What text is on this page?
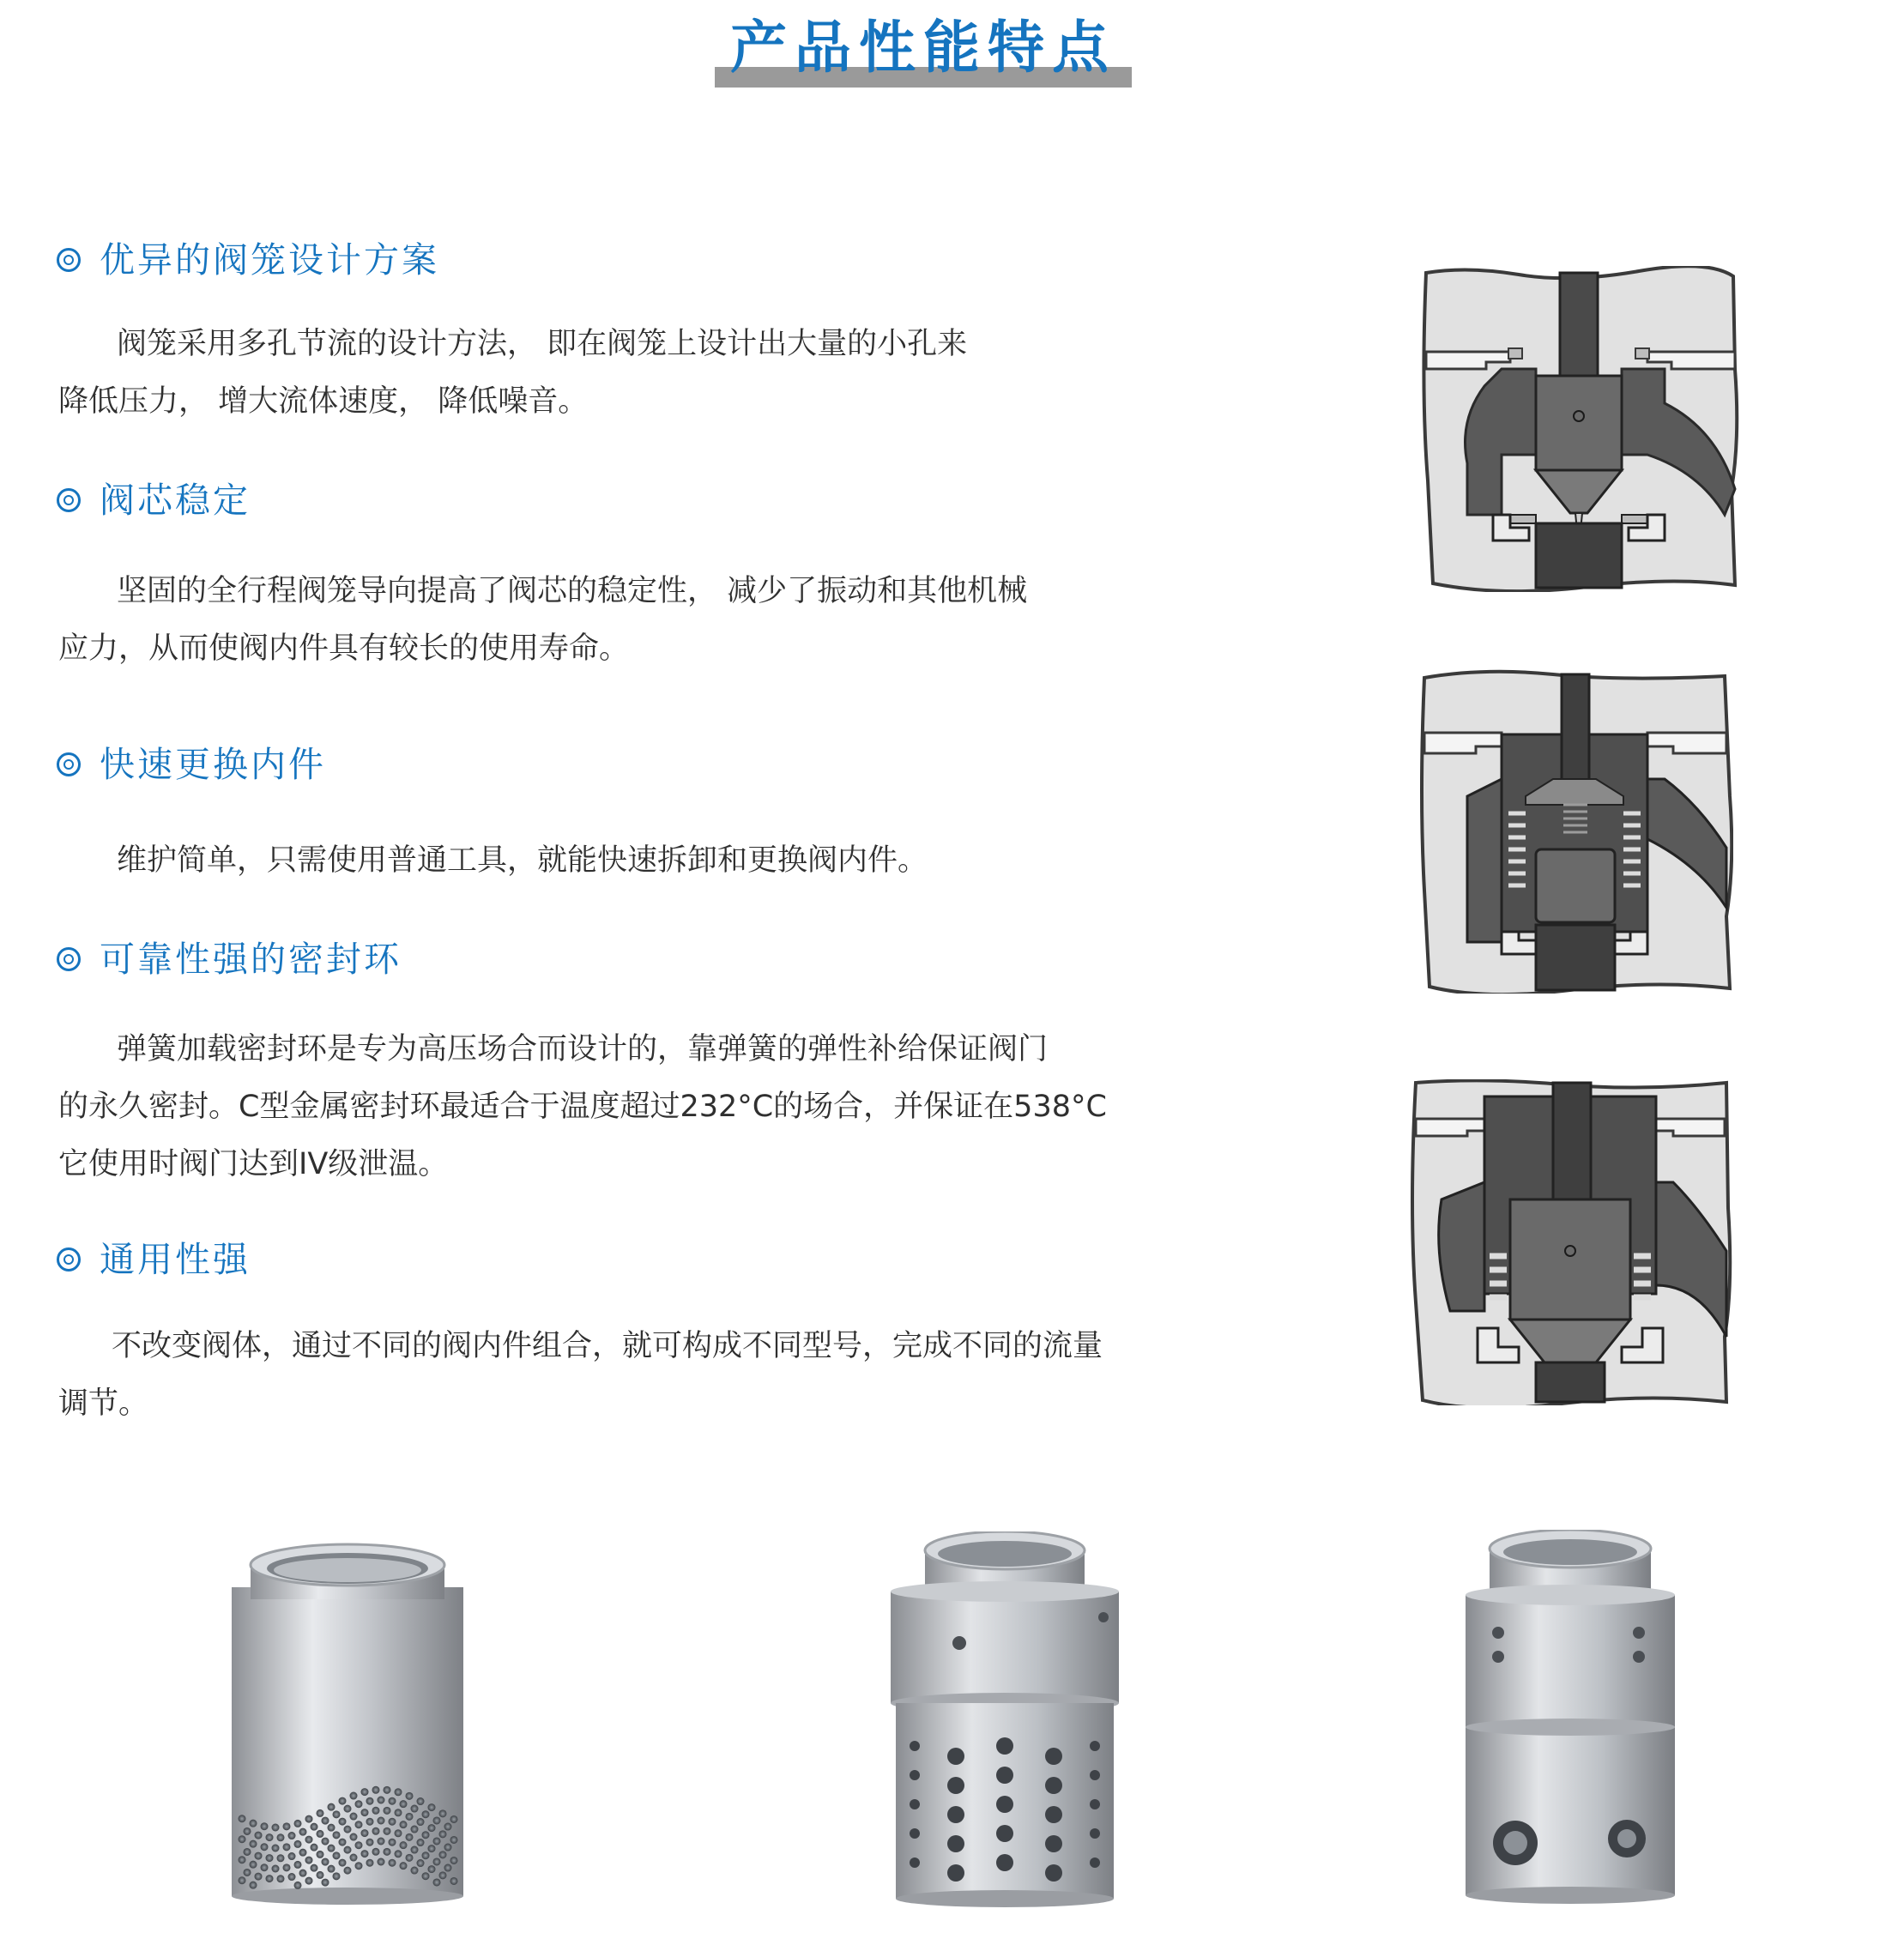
产品性能特点
优异的阀笼设计方案
阀笼采用多孔节流的设计方法， 即在阀笼上设计出大量的小孔来
降低压力， 增大流体速度， 降低噪音。
阀芯稳定
坚固的全行程阀笼导向提高了阀芯的稳定性， 减少了振动和其他机械
应力，从而使阀内件具有较长的使用寿命。
快速更换内件
维护简单，只需使用普通工具，就能快速拆卸和更换阀内件。
可靠性强的密封环
弹簧加载密封环是专为高压场合而设计的，靠弹簧的弹性补给保证阀门
的永久密封。C型金属密封环最适合于温度超过232°C的场合，并保证在538°C
它使用时阀门达到IV级泄温。
通用性强
不改变阀体，通过不同的阀内件组合，就可构成不同型号，完成不同的流量
调节。
